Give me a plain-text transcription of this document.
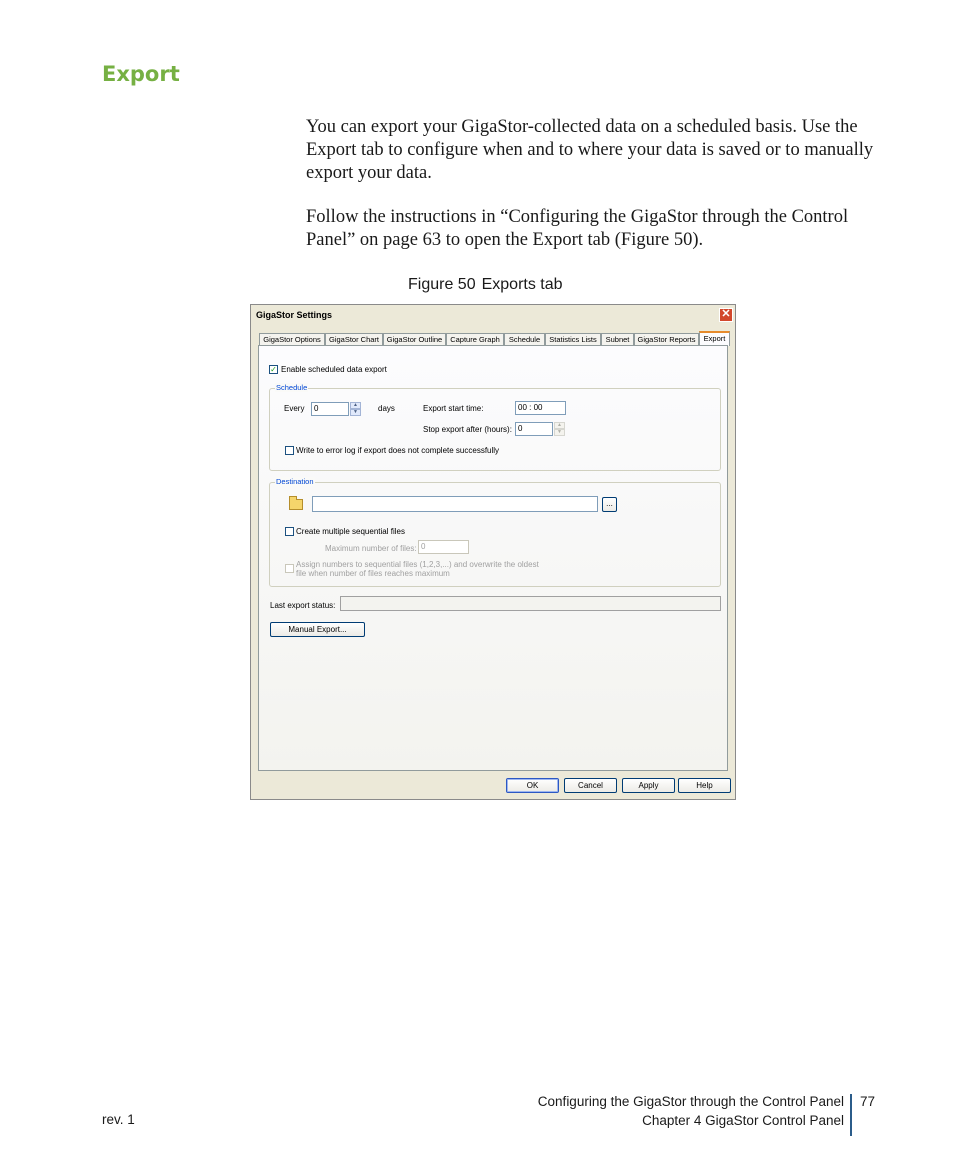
Export
You can export your GigaStor-collected data on a scheduled basis. Use the Export tab to configure when and to where your data is saved or to manually export your data.
Follow the instructions in “Configuring the GigaStor through the Control Panel” on page 63 to open the Export tab (Figure 50).
Figure 50 Exports tab
GigaStor Settings	✕
GigaStor Options	GigaStor Chart	GigaStor Outline	Capture Graph	Schedule	Statistics Lists	Subnet	GigaStor Reports	Export
✓ Enable scheduled data export
Schedule
Every	0	▲
▼	days	Export start time:	00 : 00
Stop export after (hours): 0	▲
▼
Write to error log if export does not complete successfully
Destination
...
Create multiple sequential files
Maximum number of files: 0
Assign numbers to sequential files (1,2,3,...) and overwrite the oldest
file when number of files reaches maximum
Last export status:
Manual Export...
OK	Cancel	Apply	Help
Configuring the GigaStor through the Control Panel
Chapter 4 GigaStor Control Panel
77
rev. 1
